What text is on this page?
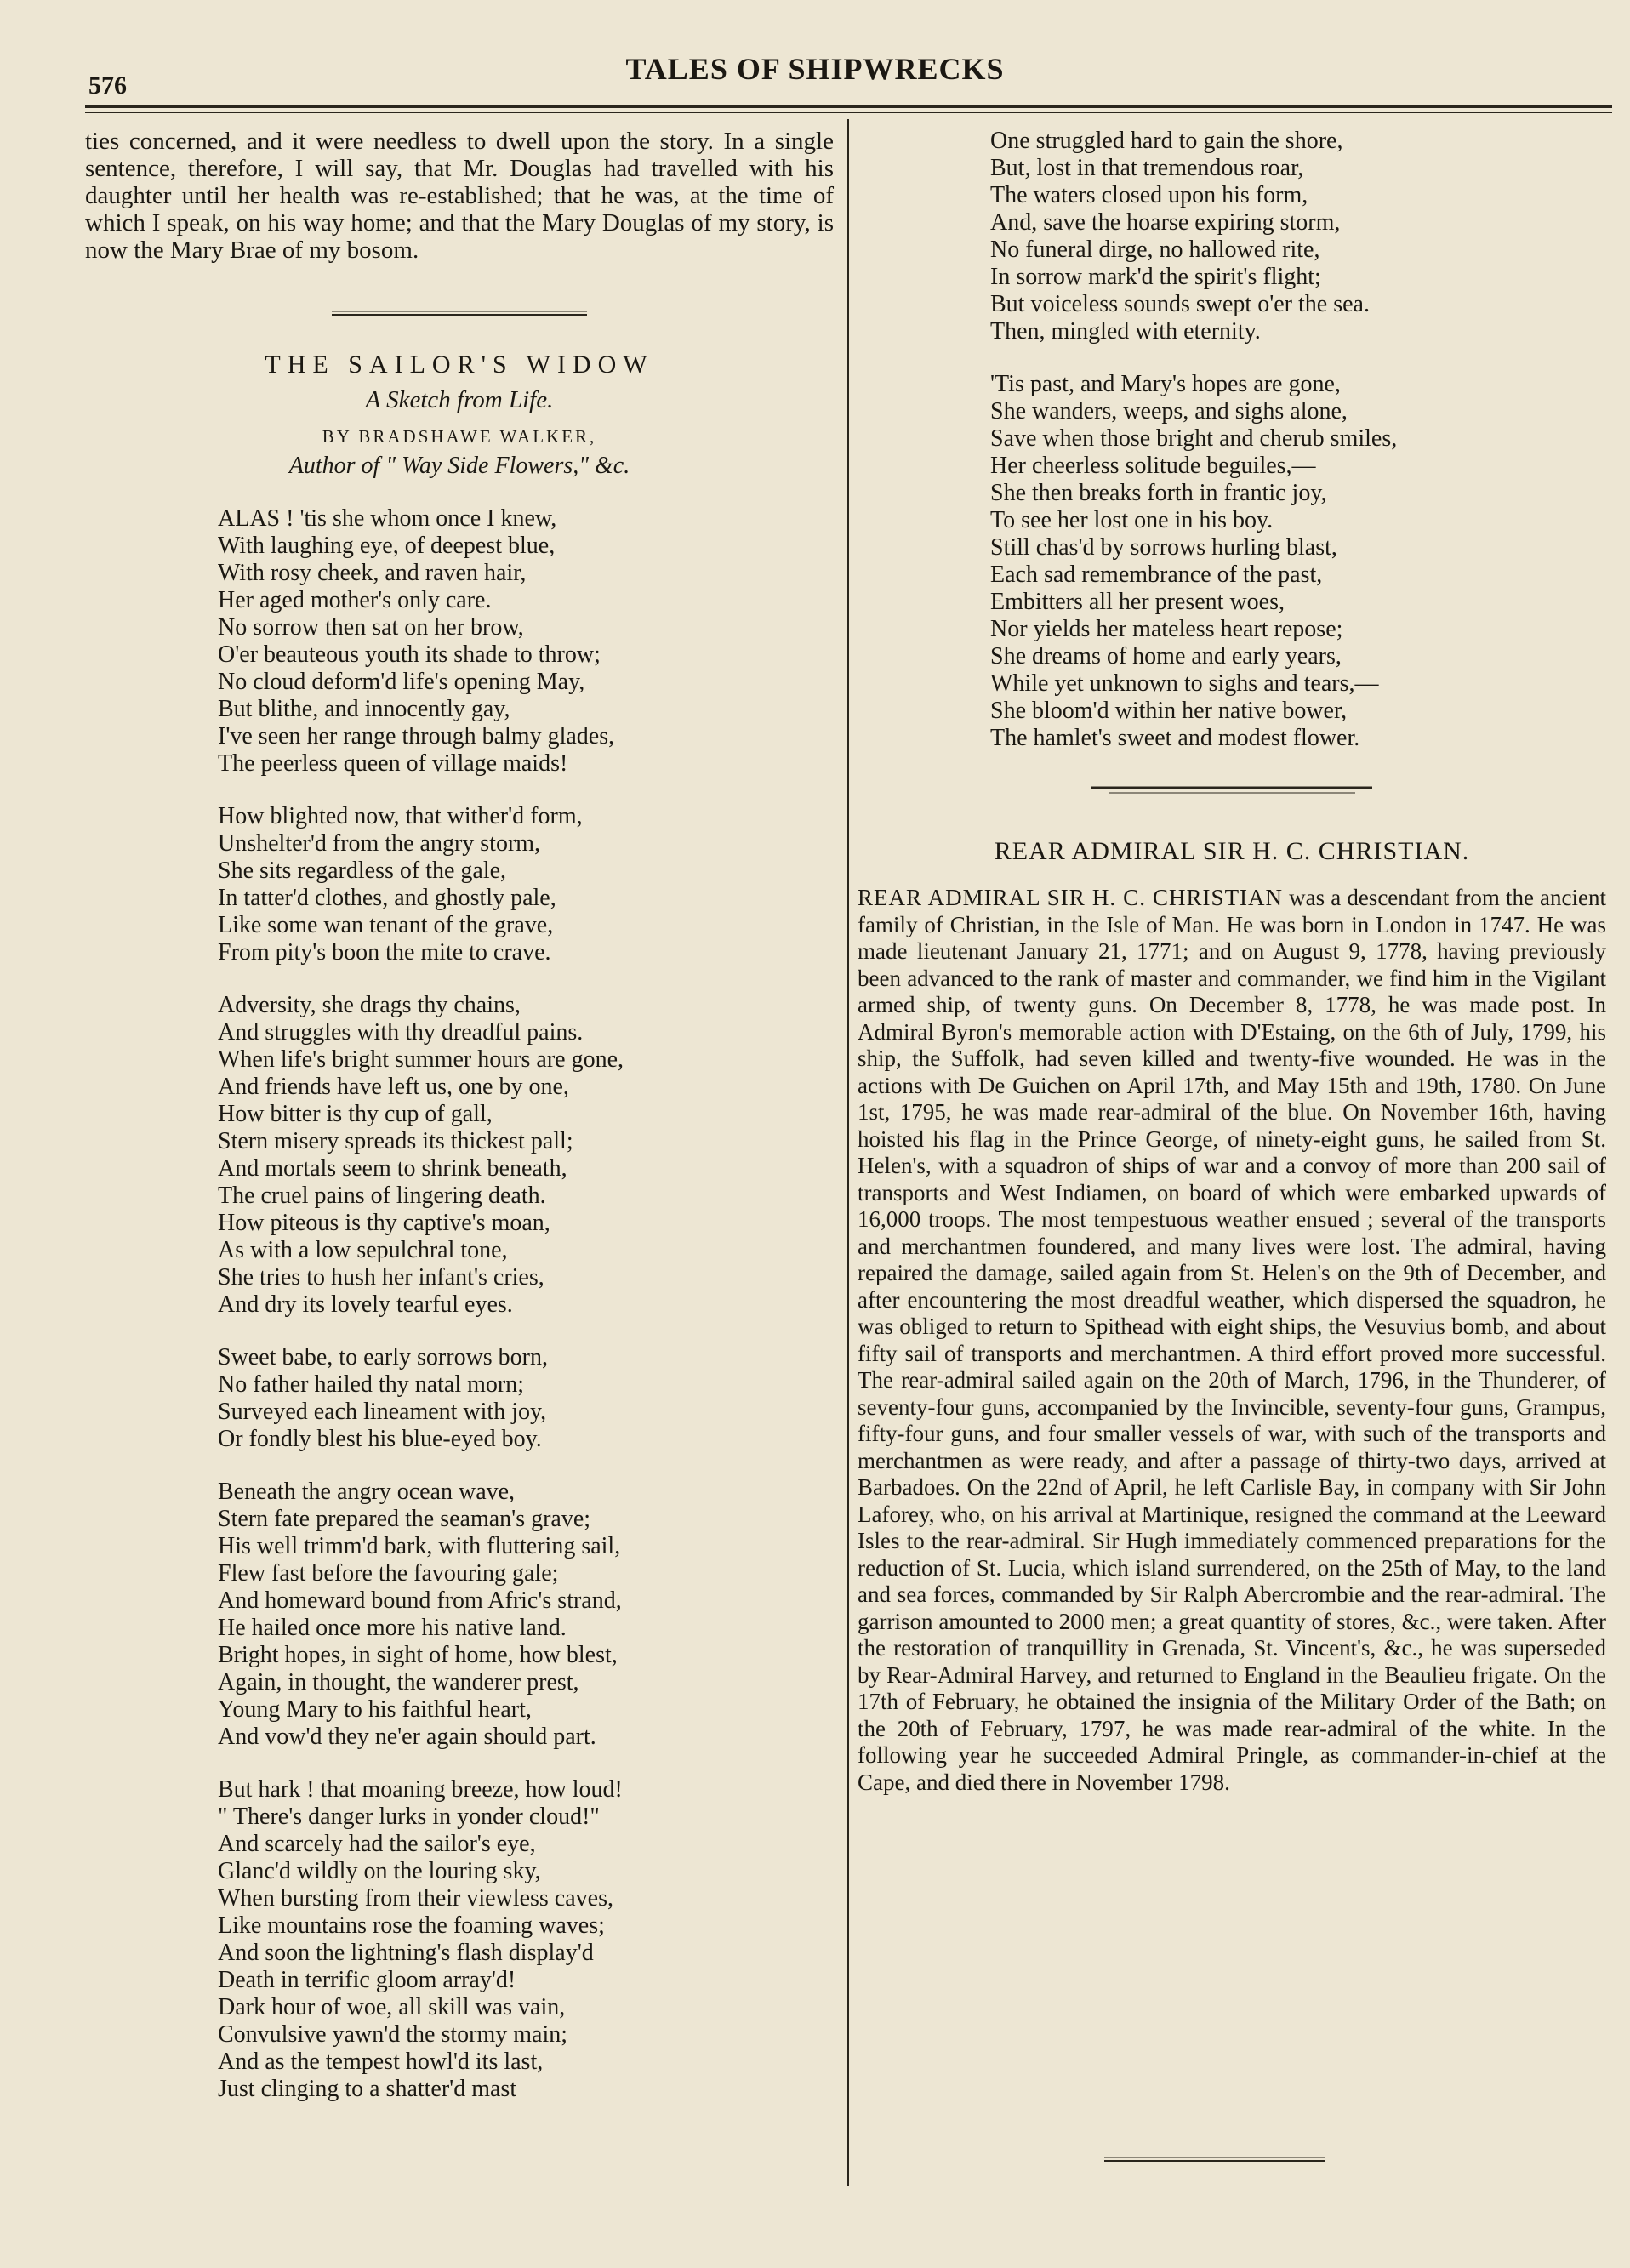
576	TALES OF SHIPWRECKS

ties concerned, and it were needless to dwell upon the story. In a single sentence, therefore, I will say, that Mr. Douglas had travelled with his daughter until her health was re-established; that he was, at the time of which I speak, on his way home; and that the Mary Douglas of my story, is now the Mary Brae of my bosom.

THE SAILOR'S WIDOW
A Sketch from Life.
BY BRADSHAWE WALKER,
Author of " Way Side Flowers," &c.
ALAS ! 'tis she whom once I knew,
With laughing eye, of deepest blue,
With rosy cheek, and raven hair,
Her aged mother's only care.
No sorrow then sat on her brow,
O'er beauteous youth its shade to throw;
No cloud deform'd life's opening May,
But blithe, and innocently gay,
I've seen her range through balmy glades,
The peerless queen of village maids!
How blighted now, that wither'd form,
Unshelter'd from the angry storm,
She sits regardless of the gale,
In tatter'd clothes, and ghostly pale,
Like some wan tenant of the grave,
From pity's boon the mite to crave.
Adversity, she drags thy chains,
And struggles with thy dreadful pains.
When life's bright summer hours are gone,
And friends have left us, one by one,
How bitter is thy cup of gall,
Stern misery spreads its thickest pall;
And mortals seem to shrink beneath,
The cruel pains of lingering death.
How piteous is thy captive's moan,
As with a low sepulchral tone,
She tries to hush her infant's cries,
And dry its lovely tearful eyes.
Sweet babe, to early sorrows born,
No father hailed thy natal morn;
Surveyed each lineament with joy,
Or fondly blest his blue-eyed boy.
Beneath the angry ocean wave,
Stern fate prepared the seaman's grave;
His well trimm'd bark, with fluttering sail,
Flew fast before the favouring gale;
And homeward bound from Afric's strand,
He hailed once more his native land.
Bright hopes, in sight of home, how blest,
Again, in thought, the wanderer prest,
Young Mary to his faithful heart,
And vow'd they ne'er again should part.
But hark ! that moaning breeze, how loud!
" There's danger lurks in yonder cloud!"
And scarcely had the sailor's eye,
Glanc'd wildly on the louring sky,
When bursting from their viewless caves,
Like mountains rose the foaming waves;
And soon the lightning's flash display'd
Death in terrific gloom array'd!
Dark hour of woe, all skill was vain,
Convulsive yawn'd the stormy main;
And as the tempest howl'd its last,
Just clinging to a shatter'd mast
One struggled hard to gain the shore,
But, lost in that tremendous roar,
The waters closed upon his form,
And, save the hoarse expiring storm,
No funeral dirge, no hallowed rite,
In sorrow mark'd the spirit's flight;
But voiceless sounds swept o'er the sea.
Then, mingled with eternity.
'Tis past, and Mary's hopes are gone,
She wanders, weeps, and sighs alone,
Save when those bright and cherub smiles,
Her cheerless solitude beguiles,—
She then breaks forth in frantic joy,
To see her lost one in his boy.
Still chas'd by sorrows hurling blast,
Each sad remembrance of the past,
Embitters all her present woes,
Nor yields her mateless heart repose;
She dreams of home and early years,
While yet unknown to sighs and tears,—
She bloom'd within her native bower,
The hamlet's sweet and modest flower.
REAR ADMIRAL SIR H. C. CHRISTIAN.

REAR ADMIRAL SIR H. C. CHRISTIAN was a descendant from the ancient family of Christian, in the Isle of Man. He was born in London in 1747. He was made lieutenant January 21, 1771; and on August 9, 1778, having previously been advanced to the rank of master and commander, we find him in the Vigilant armed ship, of twenty guns. On December 8, 1778, he was made post. In Admiral Byron's memorable action with D'Estaing, on the 6th of July, 1799, his ship, the Suffolk, had seven killed and twenty-five wounded. He was in the actions with De Guichen on April 17th, and May 15th and 19th, 1780. On June 1st, 1795, he was made rear-admiral of the blue. On November 16th, having hoisted his flag in the Prince George, of ninety-eight guns, he sailed from St. Helen's, with a squadron of ships of war and a convoy of more than 200 sail of transports and West Indiamen, on board of which were embarked upwards of 16,000 troops. The most tempestuous weather ensued ; several of the transports and merchantmen foundered, and many lives were lost. The admiral, having repaired the damage, sailed again from St. Helen's on the 9th of December, and after encountering the most dreadful weather, which dispersed the squadron, he was obliged to return to Spithead with eight ships, the Vesuvius bomb, and about fifty sail of transports and merchantmen. A third effort proved more successful. The rear-admiral sailed again on the 20th of March, 1796, in the Thunderer, of seventy-four guns, accompanied by the Invincible, seventy-four guns, Grampus, fifty-four guns, and four smaller vessels of war, with such of the transports and merchantmen as were ready, and after a passage of thirty-two days, arrived at Barbadoes. On the 22nd of April, he left Carlisle Bay, in company with Sir John Laforey, who, on his arrival at Martinique, resigned the command at the Leeward Isles to the rear-admiral. Sir Hugh immediately commenced preparations for the reduction of St. Lucia, which island surrendered, on the 25th of May, to the land and sea forces, commanded by Sir Ralph Abercrombie and the rear-admiral. The garrison amounted to 2000 men; a great quantity of stores, &c., were taken. After the restoration of tranquillity in Grenada, St. Vincent's, &c., he was superseded by Rear-Admiral Harvey, and returned to England in the Beaulieu frigate. On the 17th of February, he obtained the insignia of the Military Order of the Bath; on the 20th of February, 1797, he was made rear-admiral of the white. In the following year he succeeded Admiral Pringle, as commander-in-chief at the Cape, and died there in November 1798.
